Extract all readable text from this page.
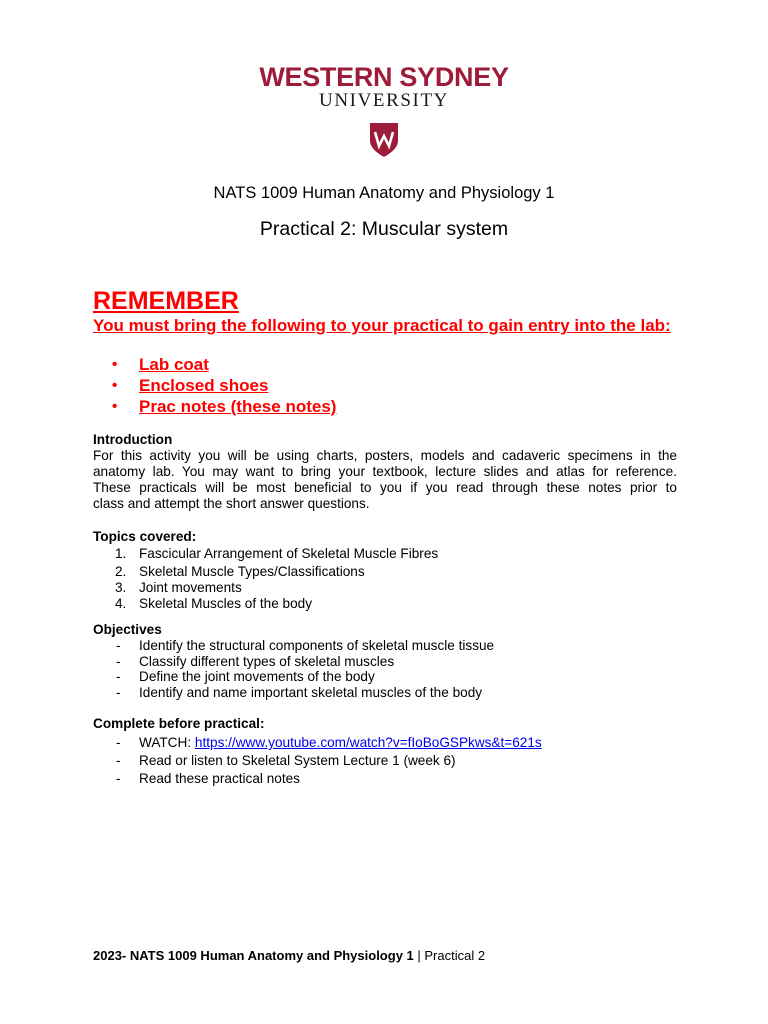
WESTERN SYDNEY
UNIVERSITY
NATS 1009 Human Anatomy and Physiology 1
Practical 2: Muscular system
REMEMBER
You must bring the following to your practical to gain entry into the lab:
• Lab coat
• Enclosed shoes
• Prac notes (these notes)
Introduction
For this activity you will be using charts, posters, models and cadaveric specimens in the
anatomy lab. You may want to bring your textbook, lecture slides and atlas for reference.
These practicals will be most beneficial to you if you read through these notes prior to
class and attempt the short answer questions.
Topics covered:
1. Fascicular Arrangement of Skeletal Muscle Fibres
2. Skeletal Muscle Types/Classifications
3. Joint movements
4. Skeletal Muscles of the body
Objectives
- Identify the structural components of skeletal muscle tissue
- Classify different types of skeletal muscles
- Define the joint movements of the body
- Identify and name important skeletal muscles of the body
Complete before practical:
- WATCH: https://www.youtube.com/watch?v=fIoBoGSPkws&t=621s
- Read or listen to Skeletal System Lecture 1 (week 6)
- Read these practical notes
2023- NATS 1009 Human Anatomy and Physiology 1 | Practical 2
